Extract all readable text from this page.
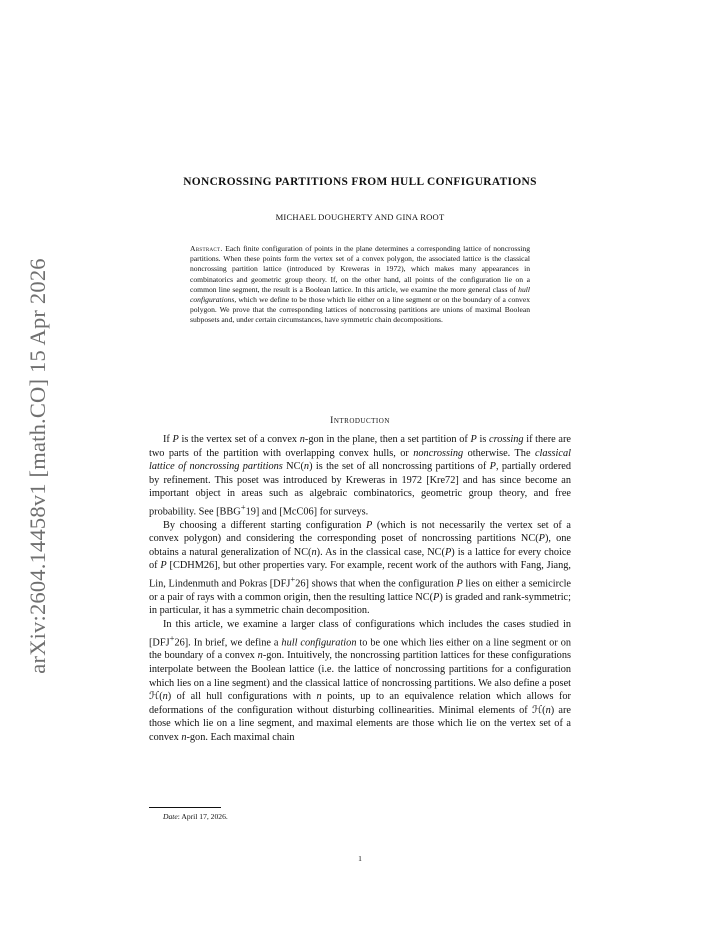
arXiv:2604.14458v1 [math.CO] 15 Apr 2026
NONCROSSING PARTITIONS FROM HULL CONFIGURATIONS
MICHAEL DOUGHERTY AND GINA ROOT

Abstract. Each finite configuration of points in the plane determines a corresponding lattice of noncrossing partitions. When these points form the vertex set of a convex polygon, the associated lattice is the classical noncrossing partition lattice (introduced by Kreweras in 1972), which makes many appearances in combinatorics and geometric group theory. If, on the other hand, all points of the configuration lie on a common line segment, the result is a Boolean lattice. In this article, we examine the more general class of hull configurations, which we define to be those which lie either on a line segment or on the boundary of a convex polygon. We prove that the corresponding lattices of noncrossing partitions are unions of maximal Boolean subposets and, under certain circumstances, have symmetric chain decompositions.

Introduction

If P is the vertex set of a convex n-gon in the plane, then a set partition of P is crossing if there are two parts of the partition with overlapping convex hulls, or noncrossing otherwise. The classical lattice of noncrossing partitions NC(n) is the set of all noncrossing partitions of P, partially ordered by refinement. This poset was introduced by Kreweras in 1972 [Kre72] and has since become an important object in areas such as algebraic combinatorics, geometric group theory, and free probability. See [BBG+19] and [McC06] for surveys.

By choosing a different starting configuration P (which is not necessarily the vertex set of a convex polygon) and considering the corresponding poset of noncrossing partitions NC(P), one obtains a natural generalization of NC(n). As in the classical case, NC(P) is a lattice for every choice of P [CDHM26], but other properties vary. For example, recent work of the authors with Fang, Jiang, Lin, Lindenmuth and Pokras [DFJ+26] shows that when the configuration P lies on either a semicircle or a pair of rays with a common origin, then the resulting lattice NC(P) is graded and rank-symmetric; in particular, it has a symmetric chain decomposition.

In this article, we examine a larger class of configurations which includes the cases studied in [DFJ+26]. In brief, we define a hull configuration to be one which lies either on a line segment or on the boundary of a convex n-gon. Intuitively, the noncrossing partition lattices for these configurations interpolate between the Boolean lattice (i.e. the lattice of noncrossing partitions for a configuration which lies on a line segment) and the classical lattice of noncrossing partitions. We also define a poset ℋ(n) of all hull configurations with n points, up to an equivalence relation which allows for deformations of the configuration without disturbing collinearities. Minimal elements of ℋ(n) are those which lie on a line segment, and maximal elements are those which lie on the vertex set of a convex n-gon. Each maximal chain

Date: April 17, 2026.
1
